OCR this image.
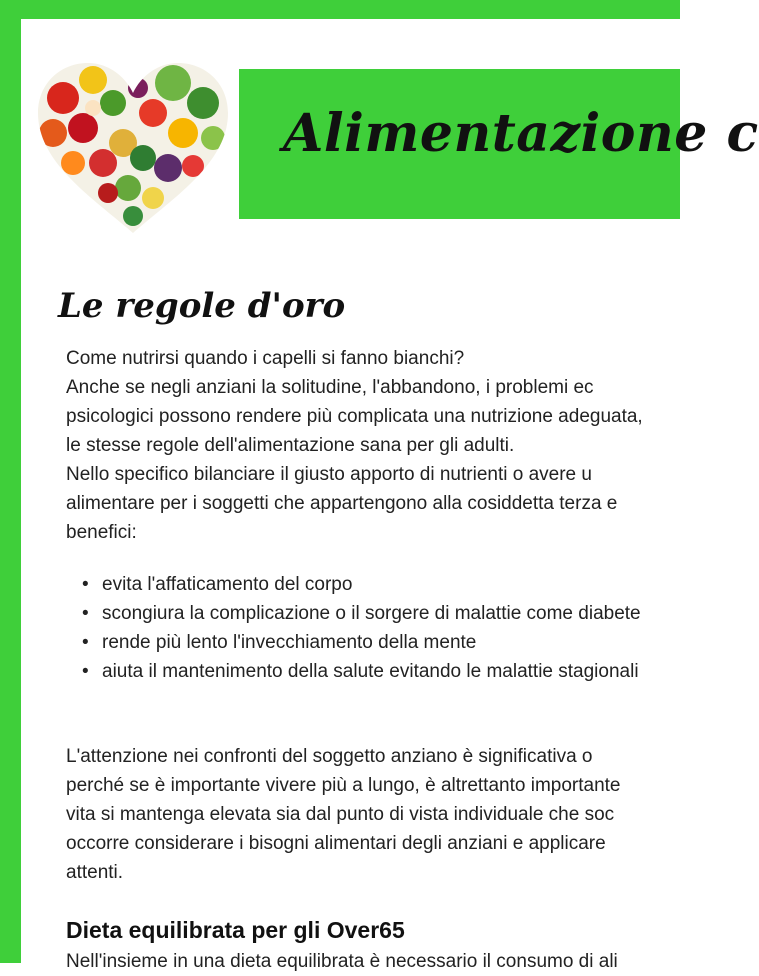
Alimentazione c
Le regole d'oro
Come nutrirsi quando i capelli si fanno bianchi?
Anche se negli anziani la solitudine, l'abbandono, i problemi ec
psicologici possono rendere più complicata una nutrizione adeguata,
le stesse regole dell'alimentazione sana per gli adulti.
Nello specifico bilanciare il giusto apporto di nutrienti o avere u
alimentare per i soggetti che appartengono alla cosiddetta terza e
benefici:
• evita l'affaticamento del corpo
• scongiura la complicazione o il sorgere di malattie come diabete
• rende più lento l'invecchiamento della mente
• aiuta il mantenimento della salute evitando le malattie stagionali
L'attenzione nei confronti del soggetto anziano è significativa o
perché se è importante vivere più a lungo, è altrettanto importante
vita si mantenga elevata sia dal punto di vista individuale che soc
occorre considerare i bisogni alimentari degli anziani e applicare
attenti.
Dieta equilibrata per gli Over65
Nell'insieme in una dieta equilibrata è necessario il consumo di ali
